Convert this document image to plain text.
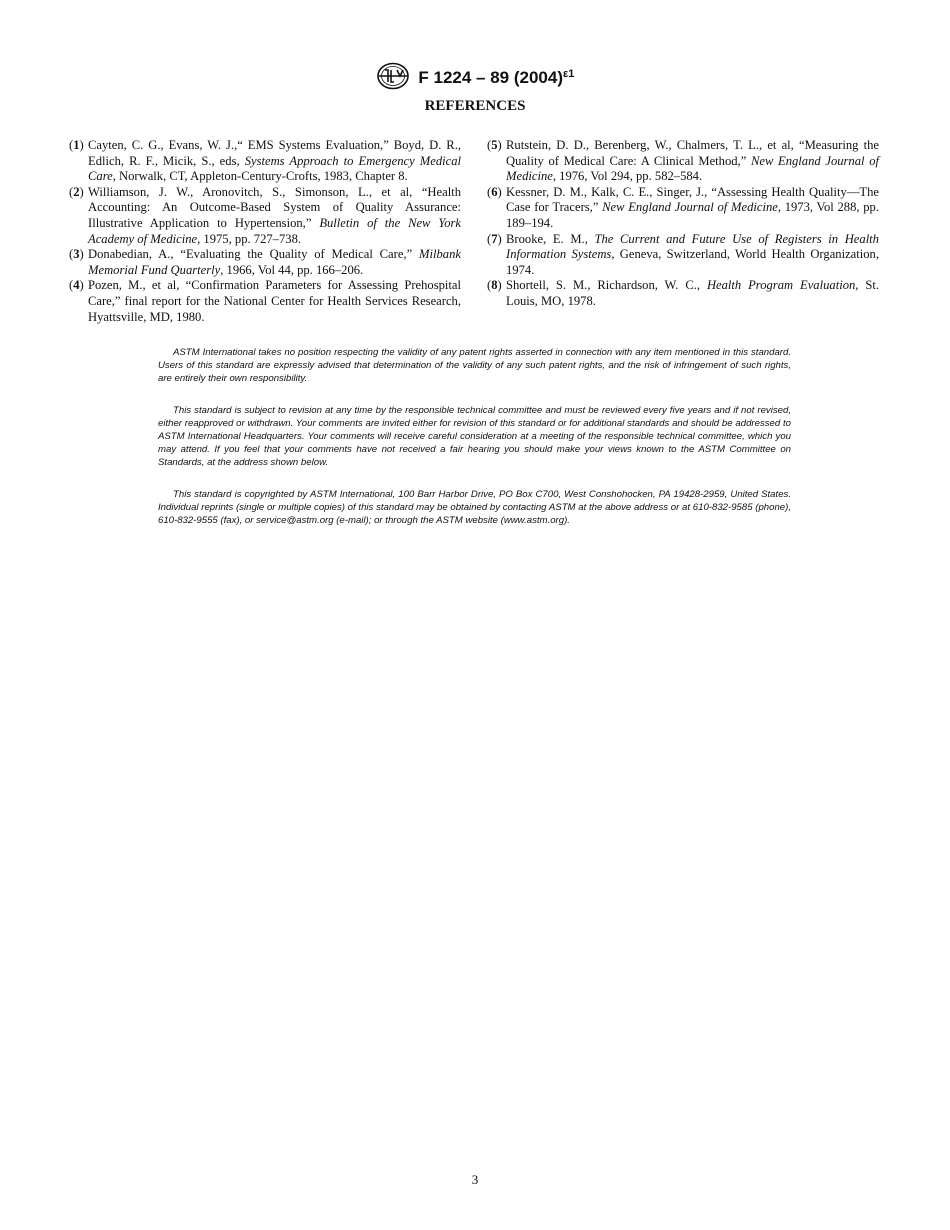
F 1224 – 89 $(2004)^{\varepsilon 1}$
REFERENCES

(1) Cayten, C. G., Evans, W. J.,“ EMS Systems Evaluation,” Boyd, D. R., Edlich, R. F., Micik, S., eds, Systems Approach to Emergency Medical Care, Norwalk, CT, Appleton-Century-Crofts, 1983, Chapter 8.

(2) Williamson, J. W., Aronovitch, S., Simonson, L., et al, “Health Accounting: An Outcome-Based System of Quality Assurance: Illustrative Application to Hypertension,” Bulletin of the New York Academy of Medicine, 1975, pp. 727–738.

(3) Donabedian, A., “Evaluating the Quality of Medical Care,” Milbank Memorial Fund Quarterly, 1966, Vol 44, pp. 166–206.

(4) Pozen, M., et al, “Confirmation Parameters for Assessing Prehospital Care,” final report for the National Center for Health Services Research, Hyattsville, MD, 1980.

(5) Rutstein, D. D., Berenberg, W., Chalmers, T. L., et al, “Measuring the Quality of Medical Care: A Clinical Method,” New England Journal of Medicine, 1976, Vol 294, pp. 582–584.

(6) Kessner, D. M., Kalk, C. E., Singer, J., “Assessing Health Quality—The Case for Tracers,” New England Journal of Medicine, 1973, Vol 288, pp. 189–194.

(7) Brooke, E. M., The Current and Future Use of Registers in Health Information Systems, Geneva, Switzerland, World Health Organization, 1974.

(8) Shortell, S. M., Richardson, W. C., Health Program Evaluation, St. Louis, MO, 1978.

ASTM International takes no position respecting the validity of any patent rights asserted in connection with any item mentioned in this standard. Users of this standard are expressly advised that determination of the validity of any such patent rights, and the risk of infringement of such rights, are entirely their own responsibility.

This standard is subject to revision at any time by the responsible technical committee and must be reviewed every five years and if not revised, either reapproved or withdrawn. Your comments are invited either for revision of this standard or for additional standards and should be addressed to ASTM International Headquarters. Your comments will receive careful consideration at a meeting of the responsible technical committee, which you may attend. If you feel that your comments have not received a fair hearing you should make your views known to the ASTM Committee on Standards, at the address shown below.

This standard is copyrighted by ASTM International, 100 Barr Harbor Drive, PO Box C700, West Conshohocken, PA 19428-2959, United States. Individual reprints (single or multiple copies) of this standard may be obtained by contacting ASTM at the above address or at 610-832-9585 (phone), 610-832-9555 (fax), or service@astm.org (e-mail); or through the ASTM website (www.astm.org).

3
